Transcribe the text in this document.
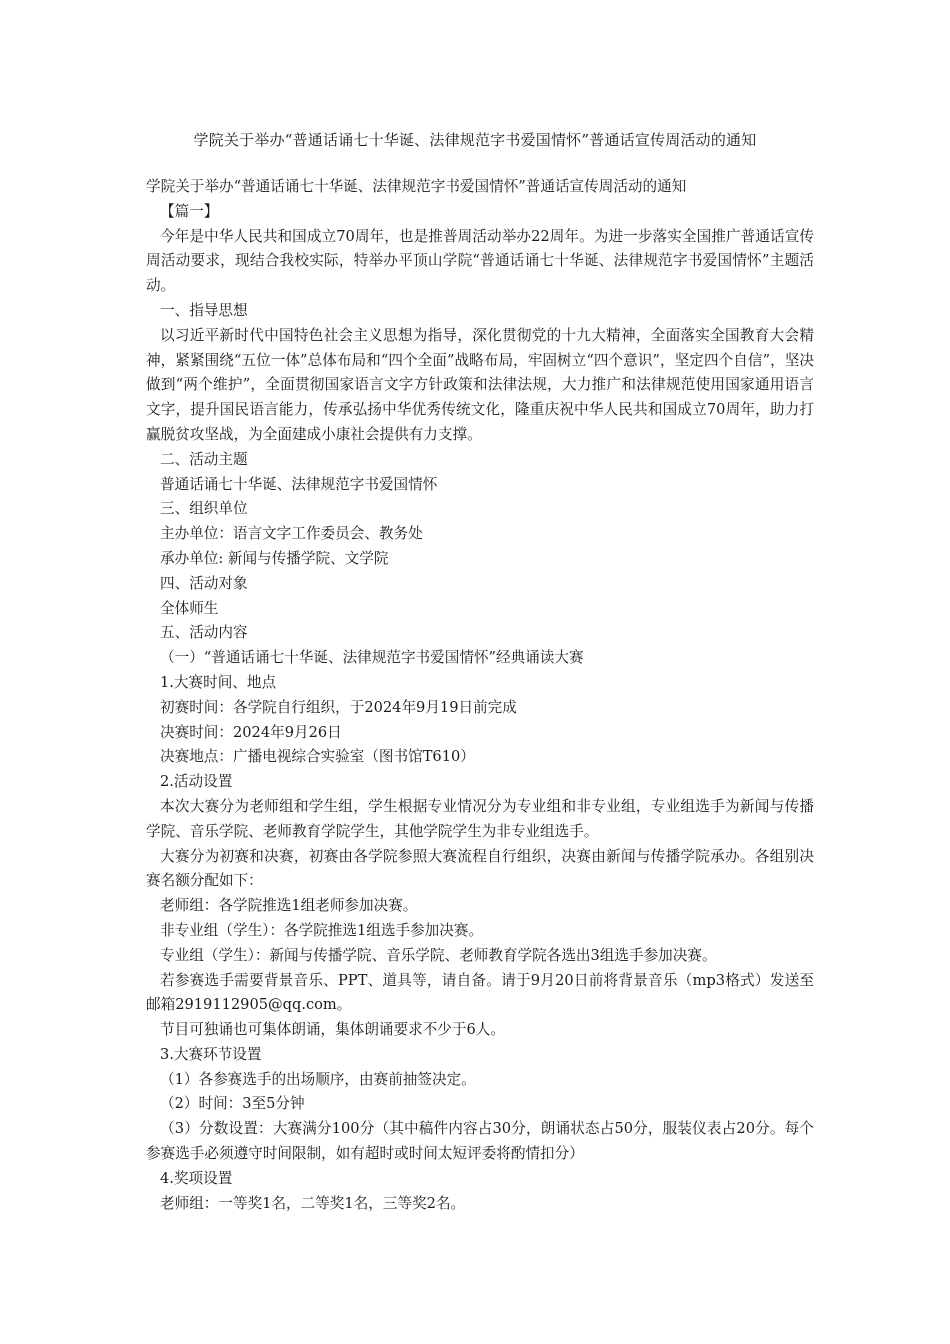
学院关于举办“普通话诵七十华诞、法律规范字书爱国情怀”普通话宣传周活动的通知

学院关于举办“普通话诵七十华诞、法律规范字书爱国情怀”普通话宣传周活动的通知

【篇一】

今年是中华人民共和国成立70周年，也是推普周活动举办22周年。为进一步落实全国推广普通话宣传周活动要求，现结合我校实际，特举办平顶山学院“普通话诵七十华诞、法律规范字书爱国情怀”主题活动。

一、指导思想

以习近平新时代中国特色社会主义思想为指导，深化贯彻党的十九大精神，全面落实全国教育大会精神，紧紧围绕“五位一体”总体布局和“四个全面”战略布局，牢固树立“四个意识”，坚定四个自信”，坚决做到“两个维护”，全面贯彻国家语言文字方针政策和法律法规，大力推广和法律规范使用国家通用语言文字，提升国民语言能力，传承弘扬中华优秀传统文化，隆重庆祝中华人民共和国成立70周年，助力打赢脱贫攻坚战，为全面建成小康社会提供有力支撑。

二、活动主题

普通话诵七十华诞、法律规范字书爱国情怀

三、组织单位

主办单位：语言文字工作委员会、教务处

承办单位: 新闻与传播学院、文学院

四、活动对象

全体师生

五、活动内容

（一）“普通话诵七十华诞、法律规范字书爱国情怀”经典诵读大赛

1.大赛时间、地点

初赛时间：各学院自行组织，于2024年9月19日前完成

决赛时间：2024年9月26日

决赛地点：广播电视综合实验室（图书馆T610）

2.活动设置

本次大赛分为老师组和学生组，学生根据专业情况分为专业组和非专业组，专业组选手为新闻与传播学院、音乐学院、老师教育学院学生，其他学院学生为非专业组选手。

大赛分为初赛和决赛，初赛由各学院参照大赛流程自行组织，决赛由新闻与传播学院承办。各组别决赛名额分配如下：

老师组：各学院推选1组老师参加决赛。

非专业组（学生）：各学院推选1组选手参加决赛。

专业组（学生）：新闻与传播学院、音乐学院、老师教育学院各选出3组选手参加决赛。

若参赛选手需要背景音乐、PPT、道具等，请自备。请于9月20日前将背景音乐（mp3格式）发送至邮箱2919112905@qq.com。

节目可独诵也可集体朗诵，集体朗诵要求不少于6人。

3.大赛环节设置

（1）各参赛选手的出场顺序，由赛前抽签决定。

（2）时间：3至5分钟

（3）分数设置：大赛满分100分（其中稿件内容占30分，朗诵状态占50分，服装仪表占20分。每个参赛选手必须遵守时间限制，如有超时或时间太短评委将酌情扣分）

4.奖项设置

老师组：一等奖1名，二等奖1名，三等奖2名。
